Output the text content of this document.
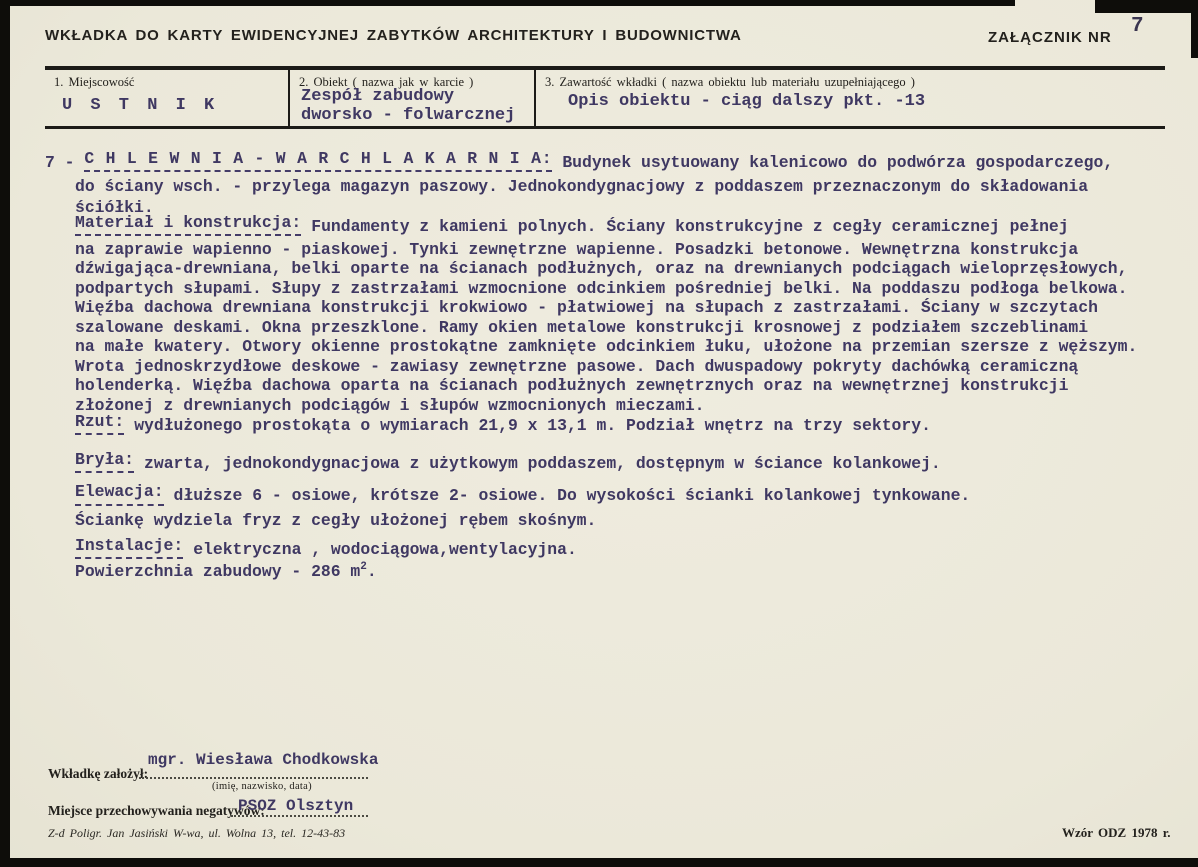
WKŁADKA DO KARTY EWIDENCYJNEJ ZABYTKÓW ARCHITEKTURY I BUDOWNICTWA	ZAŁĄCZNIK NR 7
1. Miejscowość
U S T N I K
2. Obiekt ( nazwa jak w karcie )
Zespół zabudowy
dworsko - folwarcznej
3. Zawartość wkładki ( nazwa obiektu lub materiału uzupełniającego )
Opis obiektu - ciąg dalszy pkt. -13
7 - C H L E W N I A - W A R C H L A K A R N I A: Budynek usytuowany kalenicowo do podwórza gospodarczego,
do ściany wsch. - przylega magazyn paszowy. Jednokondygnacjowy z poddaszem przeznaczonym do składowania
ściółki.
Materiał i konstrukcja: Fundamenty z kamieni polnych. Ściany konstrukcyjne z cegły ceramicznej pełnej
na zaprawie wapienno - piaskowej. Tynki zewnętrzne wapienne. Posadzki betonowe. Wewnętrzna konstrukcja
dźwigająca-drewniana, belki oparte na ścianach podłużnych, oraz na drewnianych podciągach wieloprzęsłowych,
podpartych słupami. Słupy z zastrzałami wzmocnione odcinkiem pośredniej belki. Na poddaszu podłoga belkowa.
Więźba dachowa drewniana konstrukcji krokwiowo - płatwiowej na słupach z zastrzałami. Ściany w szczytach
szalowane deskami. Okna przeszklone. Ramy okien metalowe konstrukcji krosnowej z podziałem szczeblinami
na małe kwatery. Otwory okienne prostokątne zamknięte odcinkiem łuku, ułożone na przemian szersze z węższym.
Wrota jednoskrzydłowe deskowe - zawiasy zewnętrzne pasowe. Dach dwuspadowy pokryty dachówką ceramiczną
holenderką. Więźba dachowa oparta na ścianach podłużnych zewnętrznych oraz na wewnętrznej konstrukcji
złożonej z drewnianych podciągów i słupów wzmocnionych mieczami.
Rzut: wydłużonego prostokąta o wymiarach 21,9 x 13,1 m. Podział wnętrz na trzy sektory.
Bryła: zwarta, jednokondygnacjowa z użytkowym poddaszem, dostępnym w ściance kolankowej.
Elewacja: dłuższe 6 - osiowe, krótsze 2- osiowe. Do wysokości ścianki kolankowej tynkowane.
Ściankę wydziela fryz z cegły ułożonej rębem skośnym.
Instalacje: elektryczna , wodociągowa,wentylacyjna.
Powierzchnia zabudowy - 286 $m^2$.
Wkładkę założył:
mgr. Wiesława Chodkowska
(imię, nazwisko, data)
Miejsce przechowywania negatywów:
PSOZ Olsztyn
Z-d Poligr. Jan Jasiński W-wa, ul. Wolna 13, tel. 12-43-83	Wzór ODZ 1978 r.
